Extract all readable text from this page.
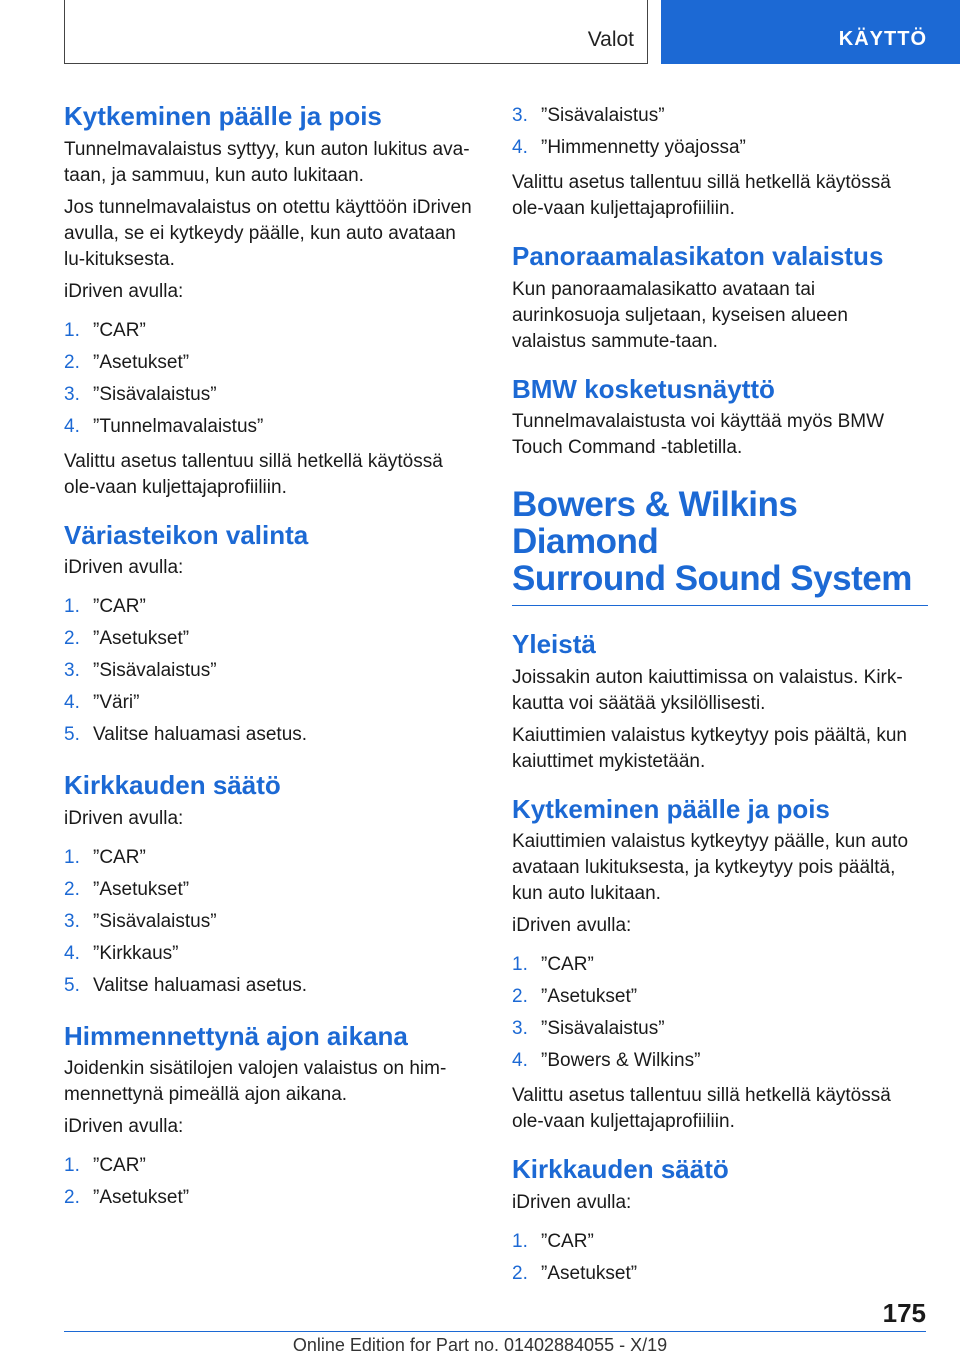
Valot	KÄYTTÖ
Kytkeminen päälle ja pois

Tunnelmavalaistus syttyy, kun auton lukitus ava-taan, ja sammuu, kun auto lukitaan.

Jos tunnelmavalaistus on otettu käyttöön iDriven avulla, se ei kytkeydy päälle, kun auto avataan lu-kituksesta.

iDriven avulla:

1. ”CAR”
2. ”Asetukset”
3. ”Sisävalaistus”
4. ”Tunnelmavalaistus”

Valittu asetus tallentuu sillä hetkellä käytössä ole-vaan kuljettajaprofiiliin.

Väriasteikon valinta

iDriven avulla:

1. ”CAR”
2. ”Asetukset”
3. ”Sisävalaistus”
4. ”Väri”
5. Valitse haluamasi asetus.
Kirkkauden säätö

iDriven avulla:

1. ”CAR”
2. ”Asetukset”
3. ”Sisävalaistus”
4. ”Kirkkaus”
5. Valitse haluamasi asetus.
Himmennettynä ajon aikana

Joidenkin sisätilojen valojen valaistus on him-mennettynä pimeällä ajon aikana.

iDriven avulla:

1. ”CAR”
2. ”Asetukset”
3. ”Sisävalaistus”
4. ”Himmennetty yöajossa”

Valittu asetus tallentuu sillä hetkellä käytössä ole-vaan kuljettajaprofiiliin.

Panoraamalasikaton valaistus

Kun panoraamalasikatto avataan tai aurinkosuoja suljetaan, kyseisen alueen valaistus sammute-taan.

BMW kosketusnäyttö

Tunnelmavalaistusta voi käyttää myös BMW Touch Command -tabletilla.

Bowers & Wilkins Diamond
Surround Sound System
Yleistä

Joissakin auton kaiuttimissa on valaistus. Kirk-kautta voi säätää yksilöllisesti.

Kaiuttimien valaistus kytkeytyy pois päältä, kun kaiuttimet mykistetään.

Kytkeminen päälle ja pois

Kaiuttimien valaistus kytkeytyy päälle, kun auto avataan lukituksesta, ja kytkeytyy pois päältä, kun auto lukitaan.

iDriven avulla:

1. ”CAR”
2. ”Asetukset”
3. ”Sisävalaistus”
4. ”Bowers & Wilkins”

Valittu asetus tallentuu sillä hetkellä käytössä ole-vaan kuljettajaprofiiliin.

Kirkkauden säätö

iDriven avulla:

1. ”CAR”
2. ”Asetukset”
175
Online Edition for Part no. 01402884055 - X/19
